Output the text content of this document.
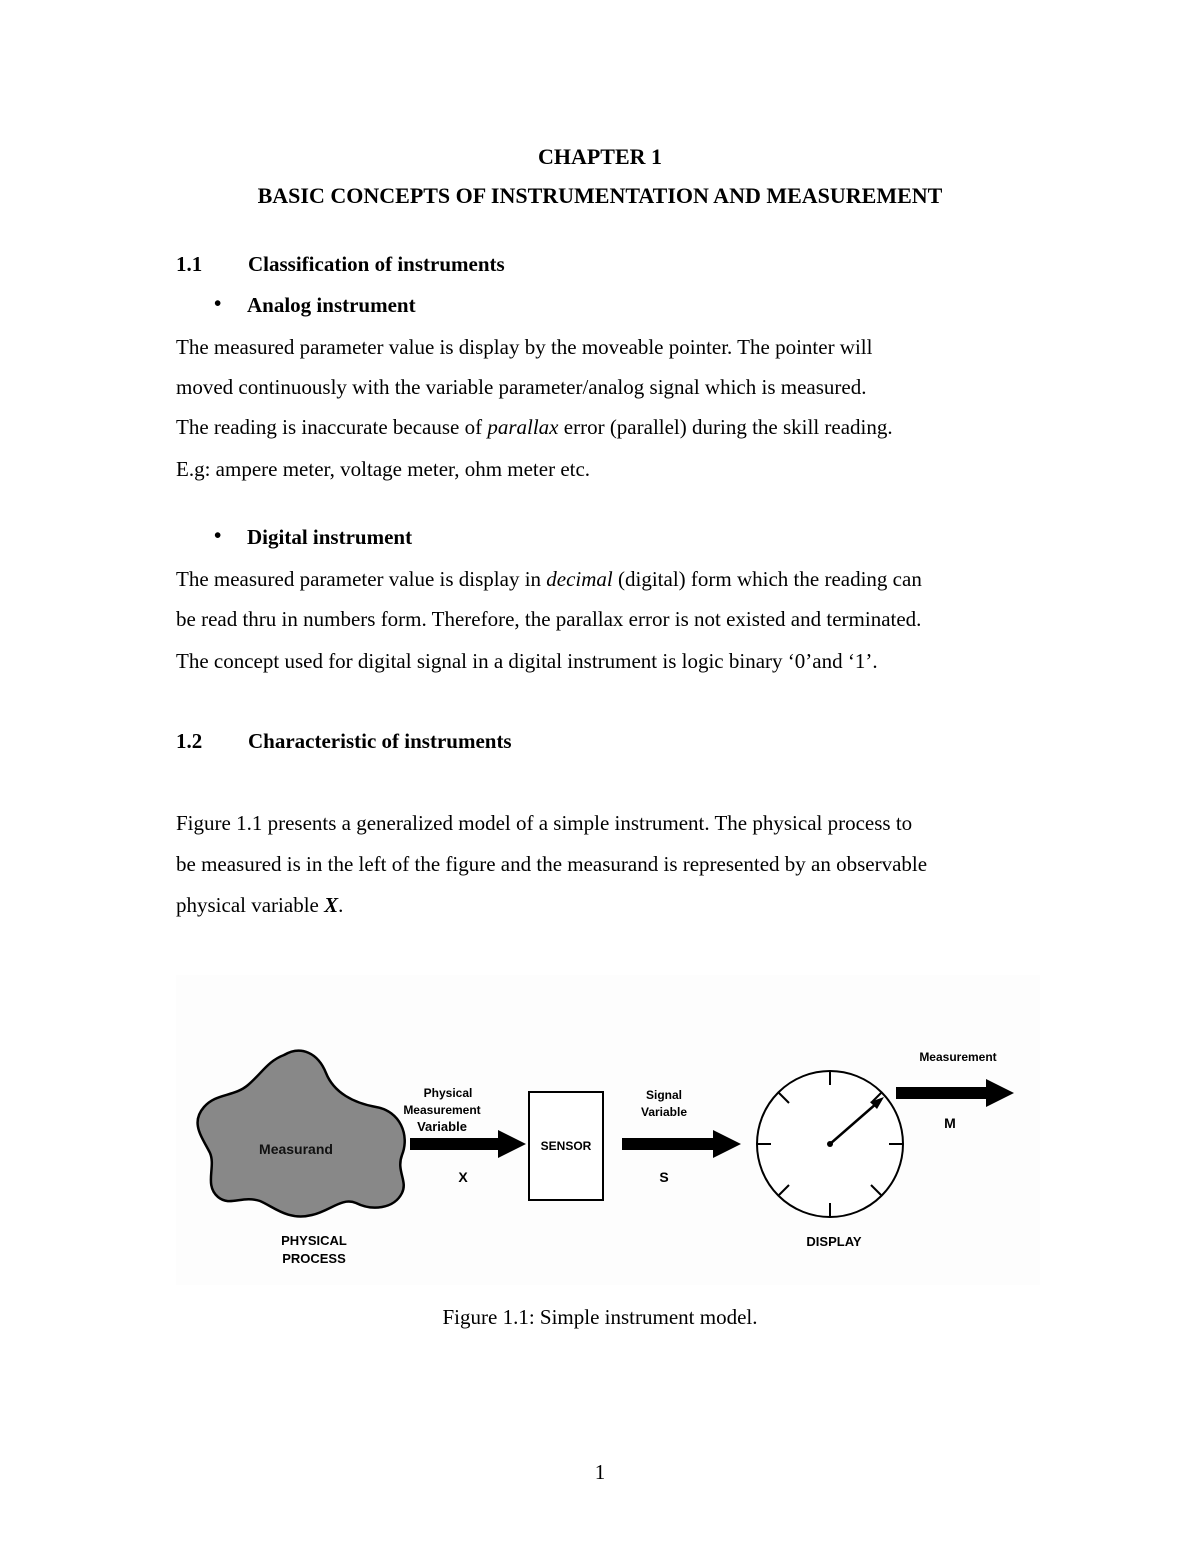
CHAPTER 1
BASIC CONCEPTS OF INSTRUMENTATION AND MEASUREMENT
1.1 Classification of instruments
• Analog instrument
The measured parameter value is display by the moveable pointer. The pointer will
moved continuously with the variable parameter/analog signal which is measured.
The reading is inaccurate because of parallax error (parallel) during the skill reading.
E.g: ampere meter, voltage meter, ohm meter etc.
• Digital instrument
The measured parameter value is display in decimal (digital) form which the reading can
be read thru in numbers form. Therefore, the parallax error is not existed and terminated.
The concept used for digital signal in a digital instrument is logic binary ‘0’and ‘1’.
1.2 Characteristic of instruments
Figure 1.1 presents a generalized model of a simple instrument. The physical process to
be measured is in the left of the figure and the measurand is represented by an observable
physical variable X.
Measurand
PHYSICAL
PROCESS
Physical
Measurement
Variable
X
SENSOR
Signal
Variable
S
DISPLAY
Measurement
M
Figure 1.1: Simple instrument model.
1
